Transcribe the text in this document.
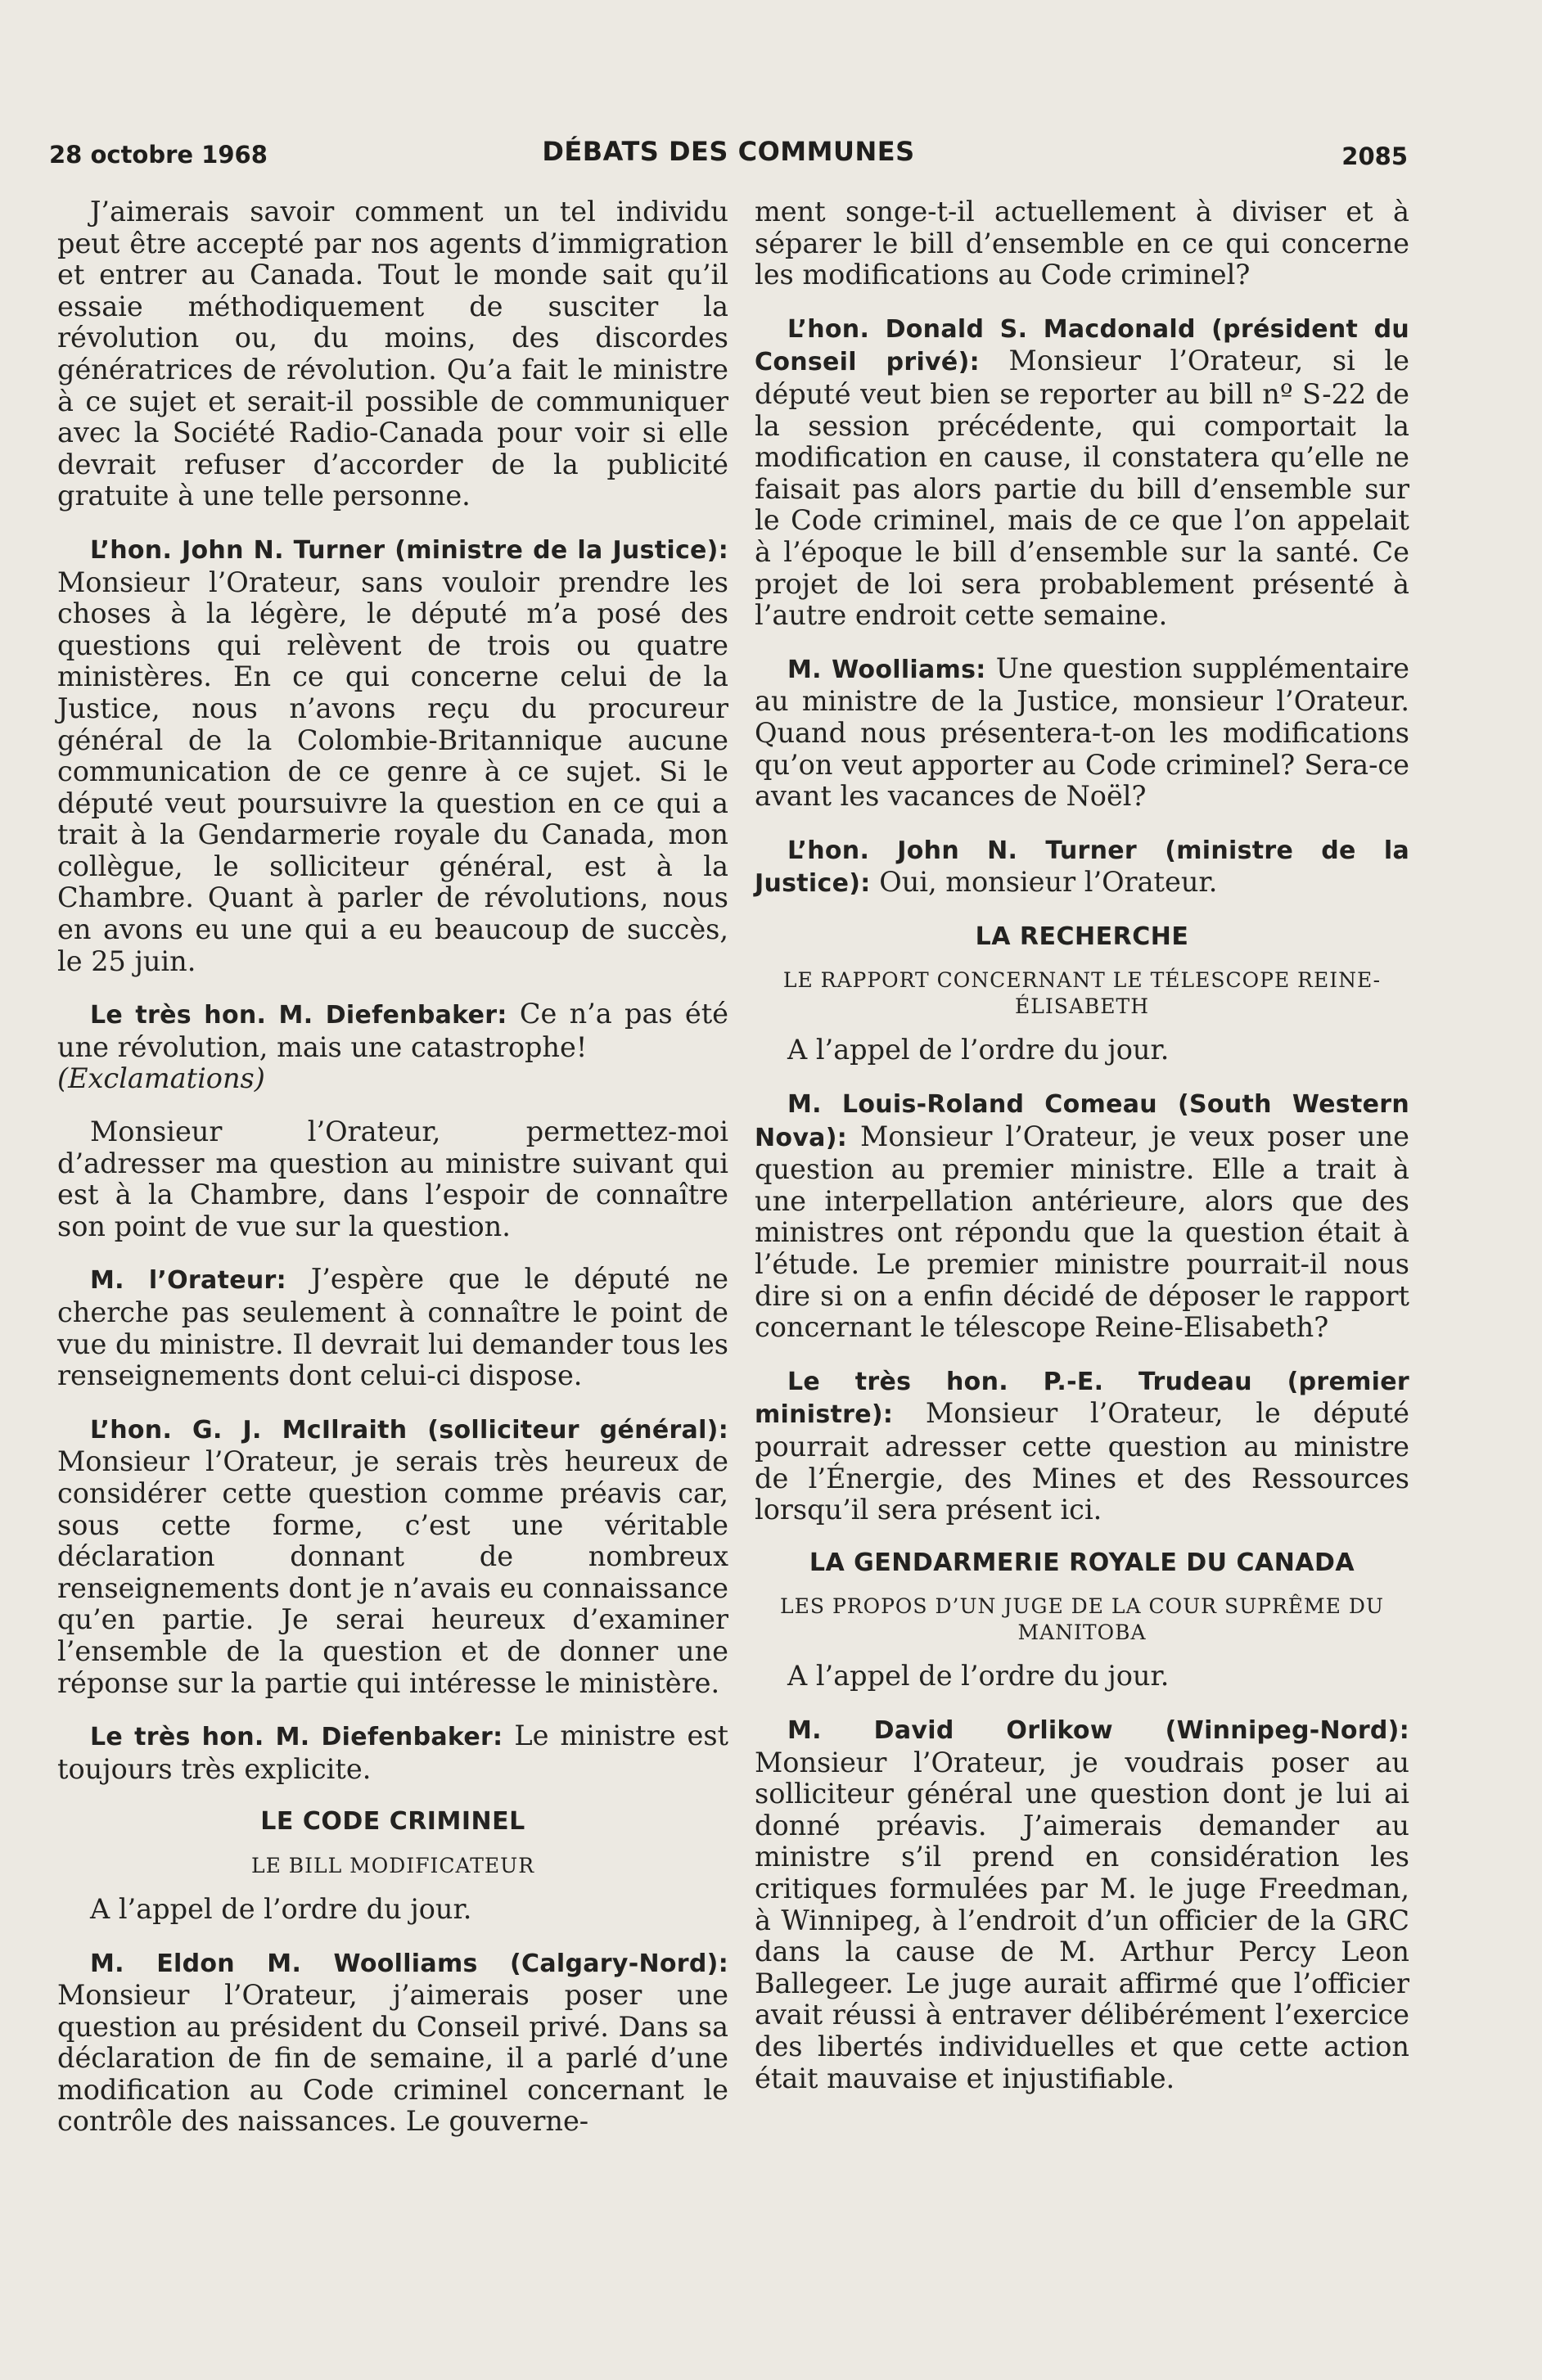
28 octobre 1968	DÉBATS DES COMMUNES	2085

J’aimerais savoir comment un tel individu peut être accepté par nos agents d’immigration et entrer au Canada. Tout le monde sait qu’il essaie méthodiquement de susciter la révolution ou, du moins, des discordes génératrices de révolution. Qu’a fait le ministre à ce sujet et serait-il possible de communiquer avec la Société Radio-Canada pour voir si elle devrait refuser d’accorder de la publicité gratuite à une telle personne.

L’hon. John N. Turner (ministre de la Justice): Monsieur l’Orateur, sans vouloir prendre les choses à la légère, le député m’a posé des questions qui relèvent de trois ou quatre ministères. En ce qui concerne celui de la Justice, nous n’avons reçu du procureur général de la Colombie-Britannique aucune communication de ce genre à ce sujet. Si le député veut poursuivre la question en ce qui a trait à la Gendarmerie royale du Canada, mon collègue, le solliciteur général, est à la Chambre. Quant à parler de révolutions, nous en avons eu une qui a eu beaucoup de succès, le 25 juin.

Le très hon. M. Diefenbaker: Ce n’a pas été une révolution, mais une catastrophe!
(Exclamations)

Monsieur l’Orateur, permettez-moi d’adresser ma question au ministre suivant qui est à la Chambre, dans l’espoir de connaître son point de vue sur la question.

M. l’Orateur: J’espère que le député ne cherche pas seulement à connaître le point de vue du ministre. Il devrait lui demander tous les renseignements dont celui-ci dispose.

L’hon. G. J. McIlraith (solliciteur général): Monsieur l’Orateur, je serais très heureux de considérer cette question comme préavis car, sous cette forme, c’est une véritable déclaration donnant de nombreux renseignements dont je n’avais eu connaissance qu’en partie. Je serai heureux d’examiner l’ensemble de la question et de donner une réponse sur la partie qui intéresse le ministère.

Le très hon. M. Diefenbaker: Le ministre est toujours très explicite.

LE CODE CRIMINEL
LE BILL MODIFICATEUR

A l’appel de l’ordre du jour.

M. Eldon M. Woolliams (Calgary-Nord): Monsieur l’Orateur, j’aimerais poser une question au président du Conseil privé. Dans sa déclaration de fin de semaine, il a parlé d’une modification au Code criminel concernant le contrôle des naissances. Le gouverne-

ment songe-t-il actuellement à diviser et à séparer le bill d’ensemble en ce qui concerne les modifications au Code criminel?

L’hon. Donald S. Macdonald (président du Conseil privé): Monsieur l’Orateur, si le député veut bien se reporter au bill nº S-22 de la session précédente, qui comportait la modification en cause, il constatera qu’elle ne faisait pas alors partie du bill d’ensemble sur le Code criminel, mais de ce que l’on appelait à l’époque le bill d’ensemble sur la santé. Ce projet de loi sera probablement présenté à l’autre endroit cette semaine.

M. Woolliams: Une question supplémentaire au ministre de la Justice, monsieur l’Orateur. Quand nous présentera-t-on les modifications qu’on veut apporter au Code criminel? Sera-ce avant les vacances de Noël?

L’hon. John N. Turner (ministre de la Justice): Oui, monsieur l’Orateur.

LA RECHERCHE
LE RAPPORT CONCERNANT LE TÉLESCOPE REINE-ÉLISABETH

A l’appel de l’ordre du jour.

M. Louis-Roland Comeau (South Western Nova): Monsieur l’Orateur, je veux poser une question au premier ministre. Elle a trait à une interpellation antérieure, alors que des ministres ont répondu que la question était à l’étude. Le premier ministre pourrait-il nous dire si on a enfin décidé de déposer le rapport concernant le télescope Reine-Elisabeth?

Le très hon. P.-E. Trudeau (premier ministre): Monsieur l’Orateur, le député pourrait adresser cette question au ministre de l’Énergie, des Mines et des Ressources lorsqu’il sera présent ici.

LA GENDARMERIE ROYALE DU CANADA
LES PROPOS D’UN JUGE DE LA COUR SUPRÊME DU MANITOBA

A l’appel de l’ordre du jour.

M. David Orlikow (Winnipeg-Nord): Monsieur l’Orateur, je voudrais poser au solliciteur général une question dont je lui ai donné préavis. J’aimerais demander au ministre s’il prend en considération les critiques formulées par M. le juge Freedman, à Winnipeg, à l’endroit d’un officier de la GRC dans la cause de M. Arthur Percy Leon Ballegeer. Le juge aurait affirmé que l’officier avait réussi à entraver délibérément l’exercice des libertés individuelles et que cette action était mauvaise et injustifiable.
